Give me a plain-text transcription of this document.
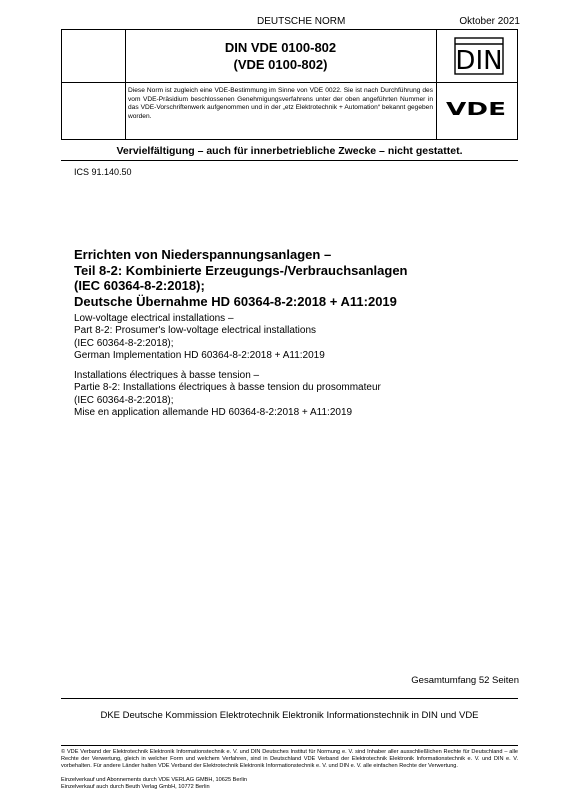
DEUTSCHE NORM	Oktober 2021
DIN VDE 0100-802
(VDE 0100-802)
Diese Norm ist zugleich eine VDE-Bestimmung im Sinne von VDE 0022. Sie ist nach Durchführung des vom VDE-Präsidium beschlossenen Genehmigungsverfahrens unter der oben angeführten Nummer in das VDE-Vorschriftenwerk aufgenommen und in der „etz Elektrotechnik + Automation“ bekannt gegeben worden.
DIN
VDE
Vervielfältigung – auch für innerbetriebliche Zwecke – nicht gestattet.
ICS 91.140.50
Errichten von Niederspannungsanlagen –
Teil 8-2: Kombinierte Erzeugungs-/Verbrauchsanlagen
(IEC 60364-8-2:2018);
Deutsche Übernahme HD 60364-8-2:2018 + A11:2019
Low-voltage electrical installations –
Part 8-2: Prosumer's low-voltage electrical installations
(IEC 60364-8-2:2018);
German Implementation HD 60364-8-2:2018 + A11:2019
Installations électriques à basse tension –
Partie 8-2: Installations électriques à basse tension du prosommateur
(IEC 60364-8-2:2018);
Mise en application allemande HD 60364-8-2:2018 + A11:2019
Gesamtumfang 52 Seiten
DKE Deutsche Kommission Elektrotechnik Elektronik Informationstechnik in DIN und VDE
© VDE Verband der Elektrotechnik Elektronik Informationstechnik e. V. und DIN Deutsches Institut für Normung e. V. sind Inhaber aller ausschließlichen Rechte für Deutschland – alle Rechte der Verwertung, gleich in welcher Form und welchem Verfahren, sind in Deutschland VDE Verband der Elektrotechnik Elektronik Informationstechnik e. V. und DIN e. V. vorbehalten. Für andere Länder halten VDE Verband der Elektrotechnik Elektronik Informationstechnik e. V. und DIN e. V. alle einfachen Rechte der Verwertung.
Einzelverkauf und Abonnements durch VDE VERLAG GMBH, 10625 Berlin
Einzelverkauf auch durch Beuth Verlag GmbH, 10772 Berlin
